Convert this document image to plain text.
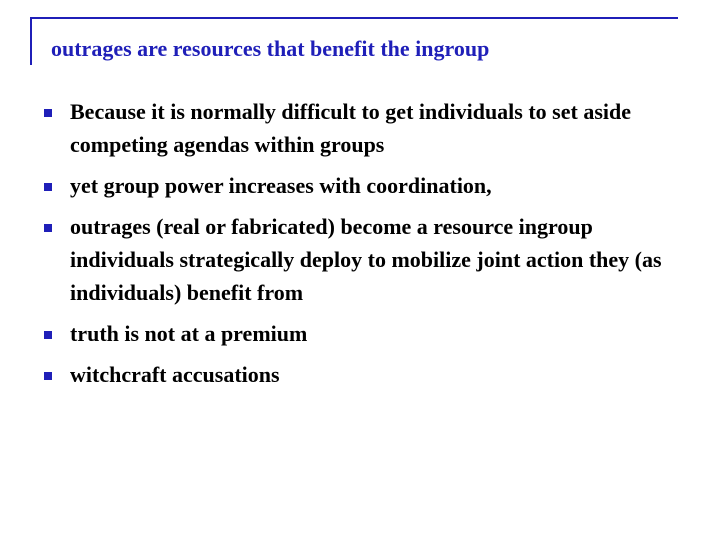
outrages are resources that benefit the ingroup
Because it is normally difficult to get individuals to set aside competing agendas within groups
yet group power increases with coordination,
outrages (real or fabricated) become a resource ingroup individuals strategically deploy to mobilize joint action they (as individuals) benefit from
truth is not at a premium
witchcraft accusations
